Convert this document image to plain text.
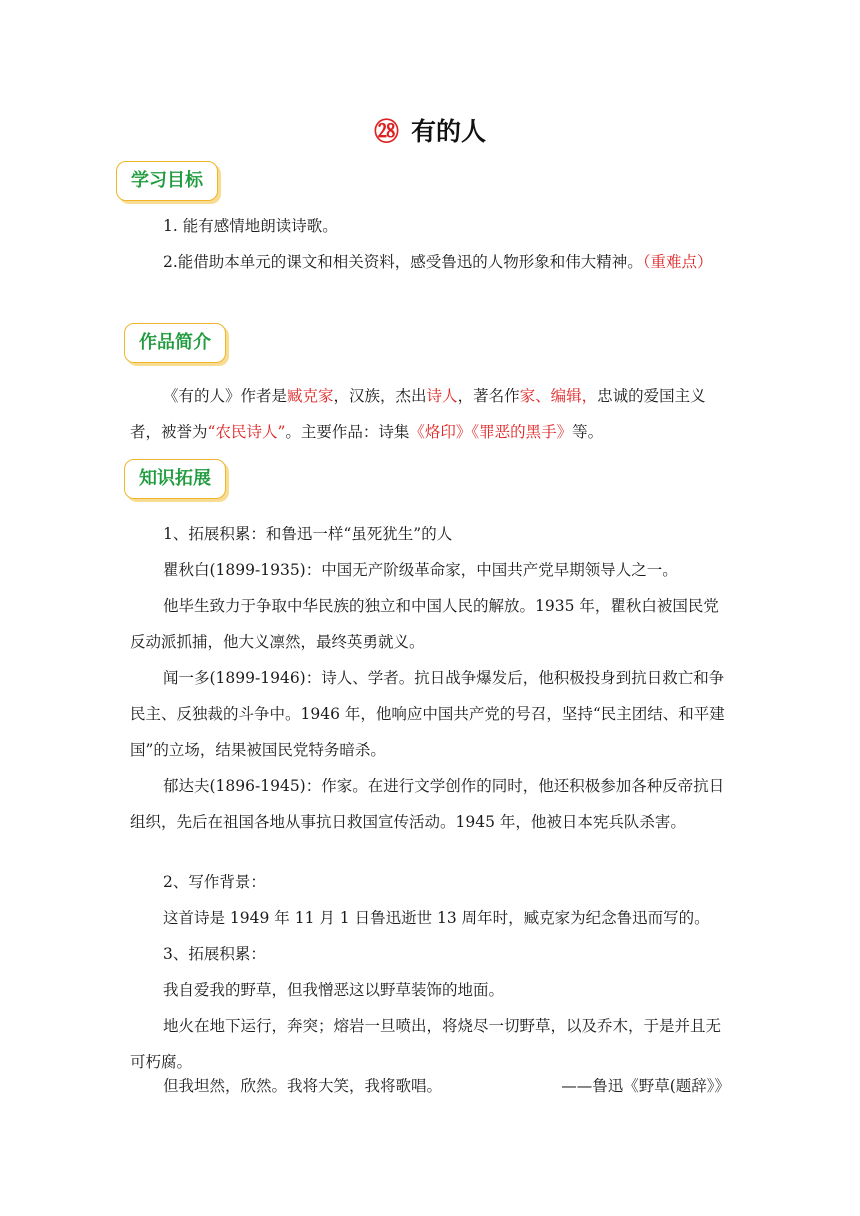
㉘ 有的人
学习目标

1. 能有感情地朗读诗歌。

2.能借助本单元的课文和相关资料，感受鲁迅的人物形象和伟大精神。（重难点）

作品简介

《有的人》作者是臧克家，汉族，杰出诗人，著名作家、编辑，忠诚的爱国主义者，被誉为“农民诗人”。主要作品：诗集《烙印》《罪恶的黑手》等。

知识拓展

1、拓展积累：和鲁迅一样“虽死犹生”的人

瞿秋白(1899-1935)：中国无产阶级革命家，中国共产党早期领导人之一。

他毕生致力于争取中华民族的独立和中国人民的解放。1935 年，瞿秋白被国民党反动派抓捕，他大义凛然，最终英勇就义。

闻一多(1899-1946)：诗人、学者。抗日战争爆发后，他积极投身到抗日救亡和争民主、反独裁的斗争中。1946 年，他响应中国共产党的号召，坚持“民主团结、和平建国”的立场，结果被国民党特务暗杀。

郁达夫(1896-1945)：作家。在进行文学创作的同时，他还积极参加各种反帝抗日组织，先后在祖国各地从事抗日救国宣传活动。1945 年，他被日本宪兵队杀害。

2、写作背景：

这首诗是 1949 年 11 月 1 日鲁迅逝世 13 周年时，臧克家为纪念鲁迅而写的。

3、拓展积累：

我自爱我的野草，但我憎恶这以野草装饰的地面。

地火在地下运行，奔突；熔岩一旦喷出，将烧尽一切野草，以及乔木，于是并且无可朽腐。

但我坦然，欣然。我将大笑，我将歌唱。	——鲁迅《野草(题辞》》
